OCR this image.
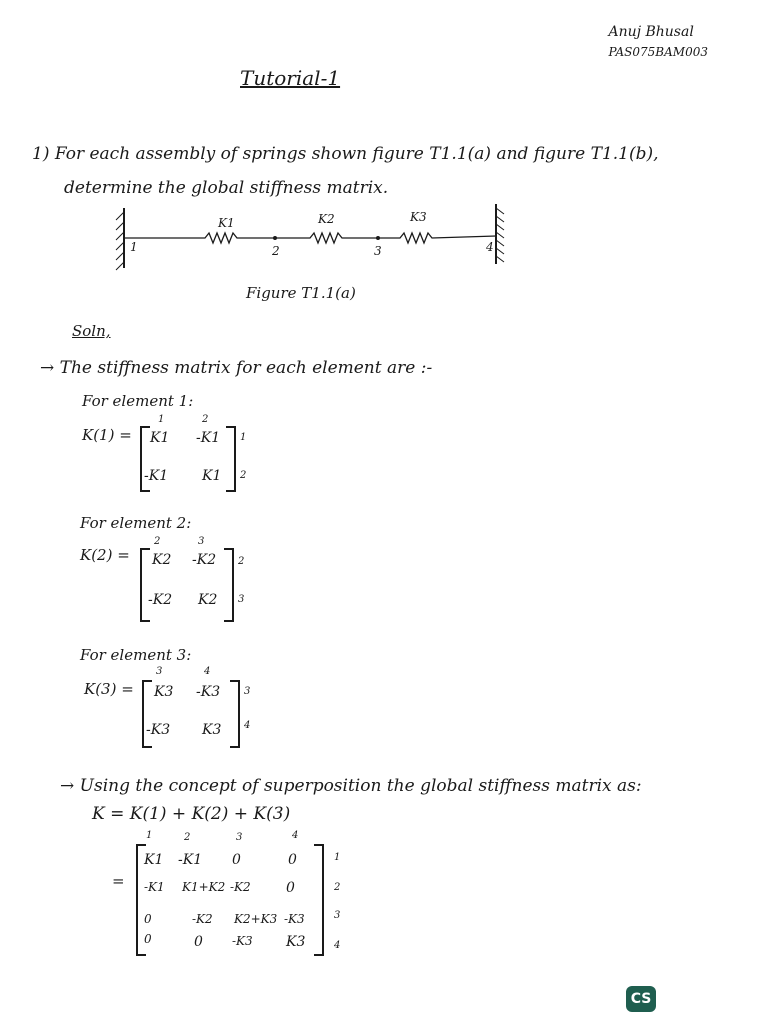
Anuj Bhusal
PAS075BAM003
Tutorial-1
1) For each assembly of springs shown figure T1.1(a) and figure T1.1(b),
determine the global stiffness matrix.
K1	K2	K3
1	2	3	4
Figure T1.1(a)
Soln,
→ The stiffness matrix for each element are :-
For element 1:
K(1) =
1	2
K1 -K1
-K1 K1
1
2
For element 2:
K(2) =
2	3
K2 -K2
-K2 K2
2
3
For element 3:
K(3) =
3	4
K3 -K3
-K3 K3
3
4
→ Using the concept of superposition the global stiffness matrix as:
K = K(1) + K(2) + K(3)
=
1	2	3	4
K1 -K1 0	0
-K1 K1+K2 -K2	0
0	-K2 K2+K3 -K3
0	0 -K3 K3
1
2
3
4
CS
